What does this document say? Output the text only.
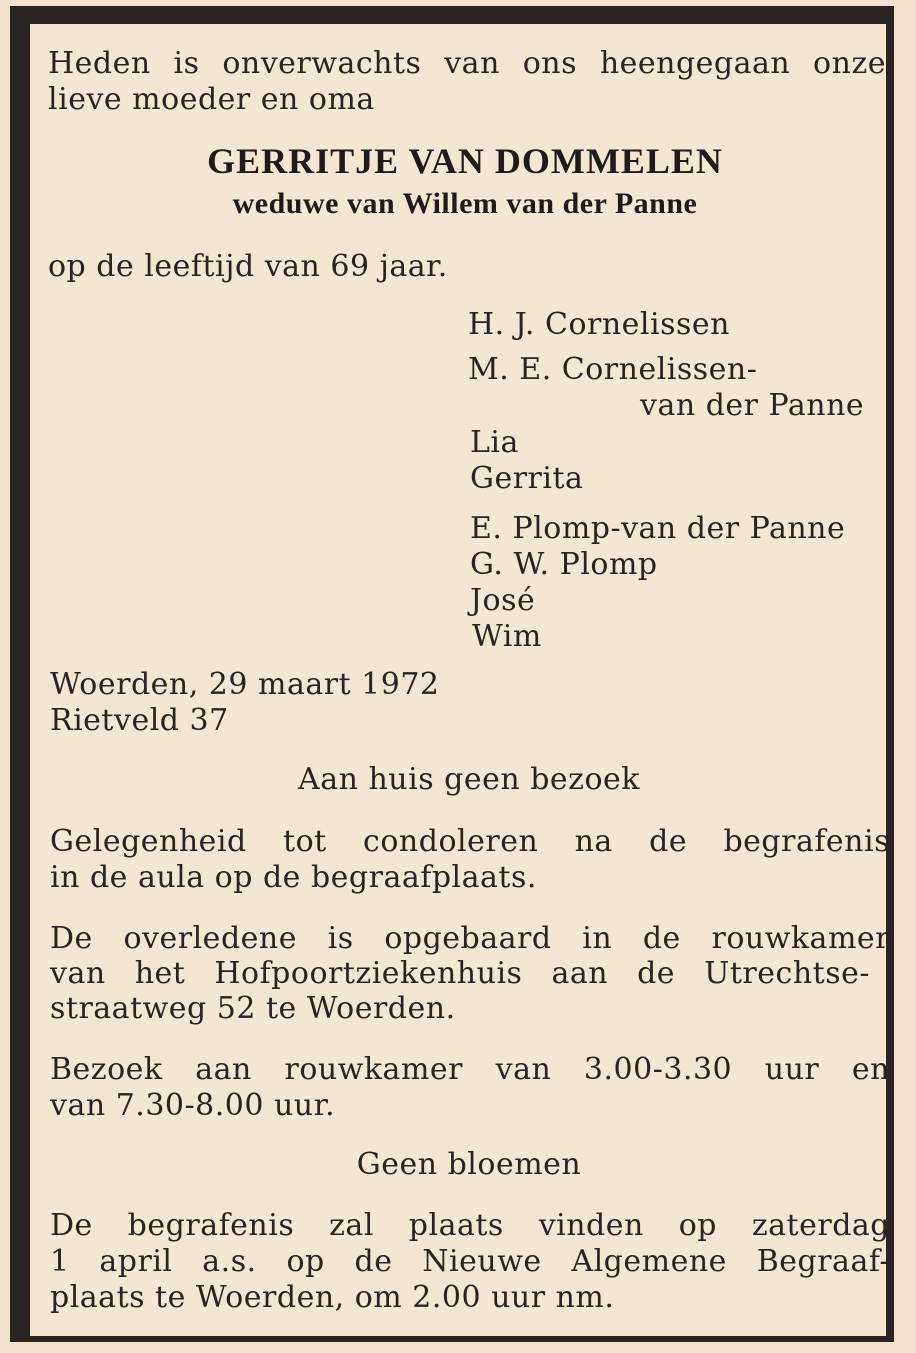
Heden is onverwachts van ons heengegaan onze
lieve moeder en oma
GERRITJE VAN DOMMELEN
weduwe van Willem van der Panne
op de leeftijd van 69 jaar.
H. J. Cornelissen
M. E. Cornelissen-
van der Panne
Lia
Gerrita
E. Plomp-van der Panne
G. W. Plomp
José
Wim
Woerden, 29 maart 1972
Rietveld 37
Aan huis geen bezoek
Gelegenheid tot condoleren na de begrafenis
in de aula op de begraafplaats.
De overledene is opgebaard in de rouwkamer
van het Hofpoortziekenhuis aan de Utrechtse-
straatweg 52 te Woerden.
Bezoek aan rouwkamer van 3.00-3.30 uur en
van 7.30-8.00 uur.
Geen bloemen
De begrafenis zal plaats vinden op zaterdag
1 april a.s. op de Nieuwe Algemene Begraaf-
plaats te Woerden, om 2.00 uur nm.
